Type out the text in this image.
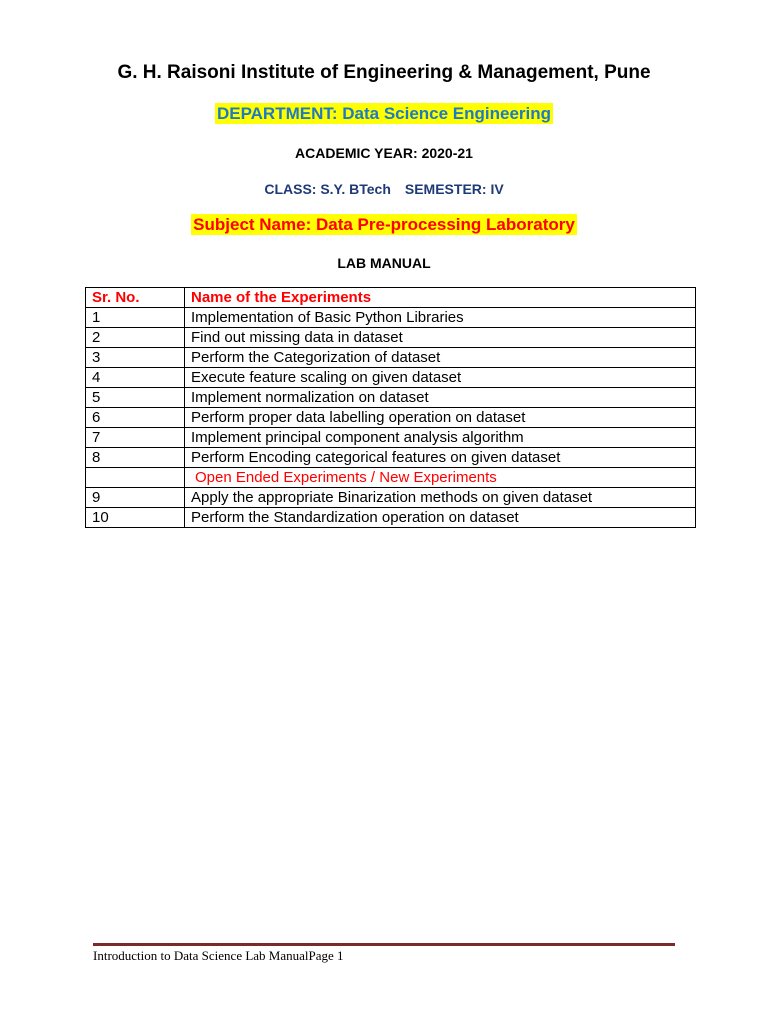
G. H. Raisoni Institute of Engineering & Management, Pune
DEPARTMENT: Data Science Engineering
ACADEMIC YEAR: 2020-21
CLASS: S.Y. BTech SEMESTER: IV
Subject Name: Data Pre-processing Laboratory
LAB MANUAL
Sr. No.	Name of the Experiments
1	Implementation of Basic Python Libraries
2	Find out missing data in dataset
3	Perform the Categorization of dataset
4	Execute feature scaling on given dataset
5	Implement normalization on dataset
6	Perform proper data labelling operation on dataset
7	Implement principal component analysis algorithm
8	Perform Encoding categorical features on given dataset
	Open Ended Experiments / New Experiments
9	Apply the appropriate Binarization methods on given dataset
10	Perform the Standardization operation on dataset
Introduction to Data Science Lab ManualPage 1
